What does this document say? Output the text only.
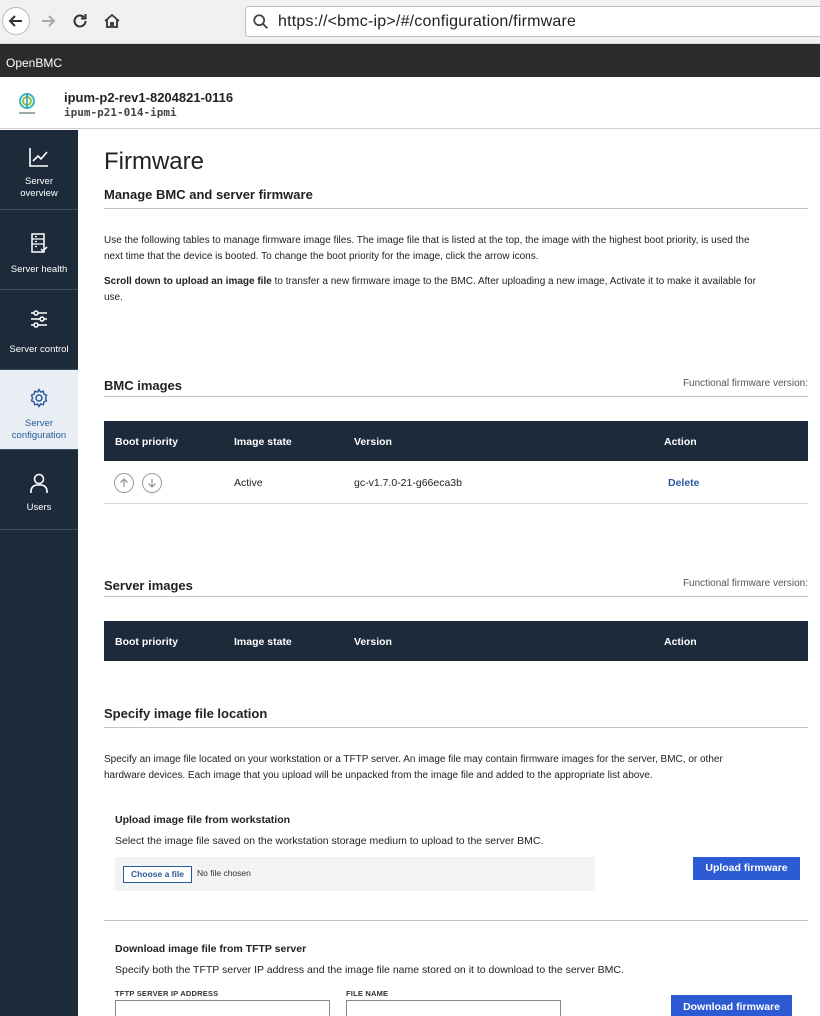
https://<bmc-ip>/#/configuration/firmware
OpenBMC
ipum-p2-rev1-8204821-0116
ipum-p21-014-ipmi
Server
overview
Server health
Server control
Server
configuration
Users
Firmware
Manage BMC and server firmware
Use the following tables to manage firmware image files. The image file that is listed at the top, the image with the highest boot priority, is used the
next time that the device is booted. To change the boot priority for the image, click the arrow icons.
Scroll down to upload an image file to transfer a new firmware image to the BMC. After uploading a new image, Activate it to make it available for
use.
BMC images	Functional firmware version:
Boot priority	Image state	Version	Action
Active	gc-v1.7.0-21-g66eca3b	Delete
Server images	Functional firmware version:
Boot priority	Image state	Version	Action
Specify image file location
Specify an image file located on your workstation or a TFTP server. An image file may contain firmware images for the server, BMC, or other
hardware devices. Each image that you upload will be unpacked from the image file and added to the appropriate list above.
Upload image file from workstation
Select the image file saved on the workstation storage medium to upload to the server BMC.
Choose a file	No file chosen	Upload firmware
Download image file from TFTP server
Specify both the TFTP server IP address and the image file name stored on it to download to the server BMC.
TFTP SERVER IP ADDRESS	FILE NAME
Download firmware
